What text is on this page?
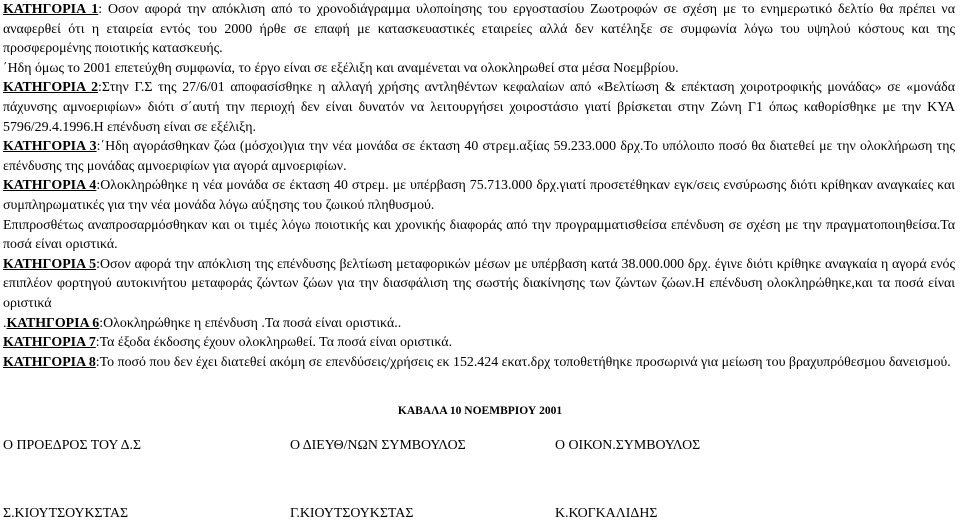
ΚΑΤΗΓΟΡΙΑ 1: Οσον αφορά την απόκλιση από το χρονοδιάγραμμα υλοποίησης του εργοστασίου Ζωοτροφών σε σχέση με το ενημερωτικό δελτίο θα πρέπει να αναφερθεί ότι η εταιρεία εντός του 2000 ήρθε σε επαφή με κατασκευαστικές εταιρείες αλλά δεν κατέληξε σε συμφωνία λόγω του υψηλού κόστους και της προσφερομένης ποιοτικής κατασκευής.

΄Ηδη όμως το 2001 επετεύχθη συμφωνία, το έργο είναι σε εξέλιξη και αναμένεται να ολοκληρωθεί στα μέσα Νοεμβρίου.

ΚΑΤΗΓΟΡΙΑ 2:Στην Γ.Σ της 27/6/01 αποφασίσθηκε η αλλαγή χρήσης αντληθέντων κεφαλαίων από «Βελτίωση & επέκταση χοιροτροφικής μονάδας» σε «μονάδα πάχυνσης αμνοεριφίων» διότι σ΄αυτή την περιοχή δεν είναι δυνατόν να λειτουργήσει χοιροστάσιο γιατί βρίσκεται στην Ζώνη Γ1 όπως καθορίσθηκε με την ΚΥΑ 5796/29.4.1996.Η επένδυση είναι σε εξέλιξη.

ΚΑΤΗΓΟΡΙΑ 3:΄Ηδη αγοράσθηκαν ζώα (μόσχοι)για την νέα μονάδα σε έκταση 40 στρεμ.αξίας 59.233.000 δρχ.Το υπόλοιπο ποσό θα διατεθεί με την ολοκλήρωση της επένδυσης της μονάδας αμνοεριφίων για αγορά αμνοεριφίων.

ΚΑΤΗΓΟΡΙΑ 4:Ολοκληρώθηκε η νέα μονάδα σε έκταση 40 στρεμ. με υπέρβαση 75.713.000 δρχ.γιατί προσετέθηκαν εγκ/σεις ενσύρωσης διότι κρίθηκαν αναγκαίες και συμπληρωματικές για την νέα μονάδα λόγω αύξησης του ζωικού πληθυσμού.

Επιπροσθέτως αναπροσαρμόσθηκαν και οι τιμές λόγω ποιοτικής και χρονικής διαφοράς από την προγραμματισθείσα επένδυση σε σχέση με την πραγματοποιηθείσα.Τα ποσά είναι οριστικά.

ΚΑΤΗΓΟΡΙΑ 5:Οσον αφορά την απόκλιση της επένδυσης βελτίωση μεταφορικών μέσων με υπέρβαση κατά 38.000.000 δρχ. έγινε διότι κρίθηκε αναγκαία η αγορά ενός επιπλέον φορτηγού αυτοκινήτου μεταφοράς ζώντων ζώων για την διασφάλιση της σωστής διακίνησης των ζώντων ζώων.Η επένδυση ολοκληρώθηκε,και τα ποσά είναι οριστικά

.ΚΑΤΗΓΟΡΙΑ 6:Ολοκληρώθηκε η επένδυση .Τα ποσά είναι οριστικά..

ΚΑΤΗΓΟΡΙΑ 7:Τα έξοδα έκδοσης έχουν ολοκληρωθεί. Τα ποσά είναι οριστικά.

ΚΑΤΗΓΟΡΙΑ 8:Το ποσό που δεν έχει διατεθεί ακόμη σε επενδύσεις/χρήσεις εκ 152.424 εκατ.δρχ τοποθετήθηκε προσωρινά για μείωση του βραχυπρόθεσμου δανεισμού.

ΚΑΒΑΛΑ 10 ΝΟΕΜΒΡΙΟΥ 2001
Ο ΠΡΟΕΔΡΟΣ ΤΟΥ Δ.Σ	Ο ΔΙΕΥΘ/ΝΩΝ ΣΥΜΒΟΥΛΟΣ	Ο ΟΙΚΟΝ.ΣΥΜΒΟΥΛΟΣ
Σ.ΚΙΟΥΤΣΟΥΚΣΤΑΣ	Γ.ΚΙΟΥΤΣΟΥΚΣΤΑΣ	Κ.ΚΟΓΚΑΛΙΔΗΣ
